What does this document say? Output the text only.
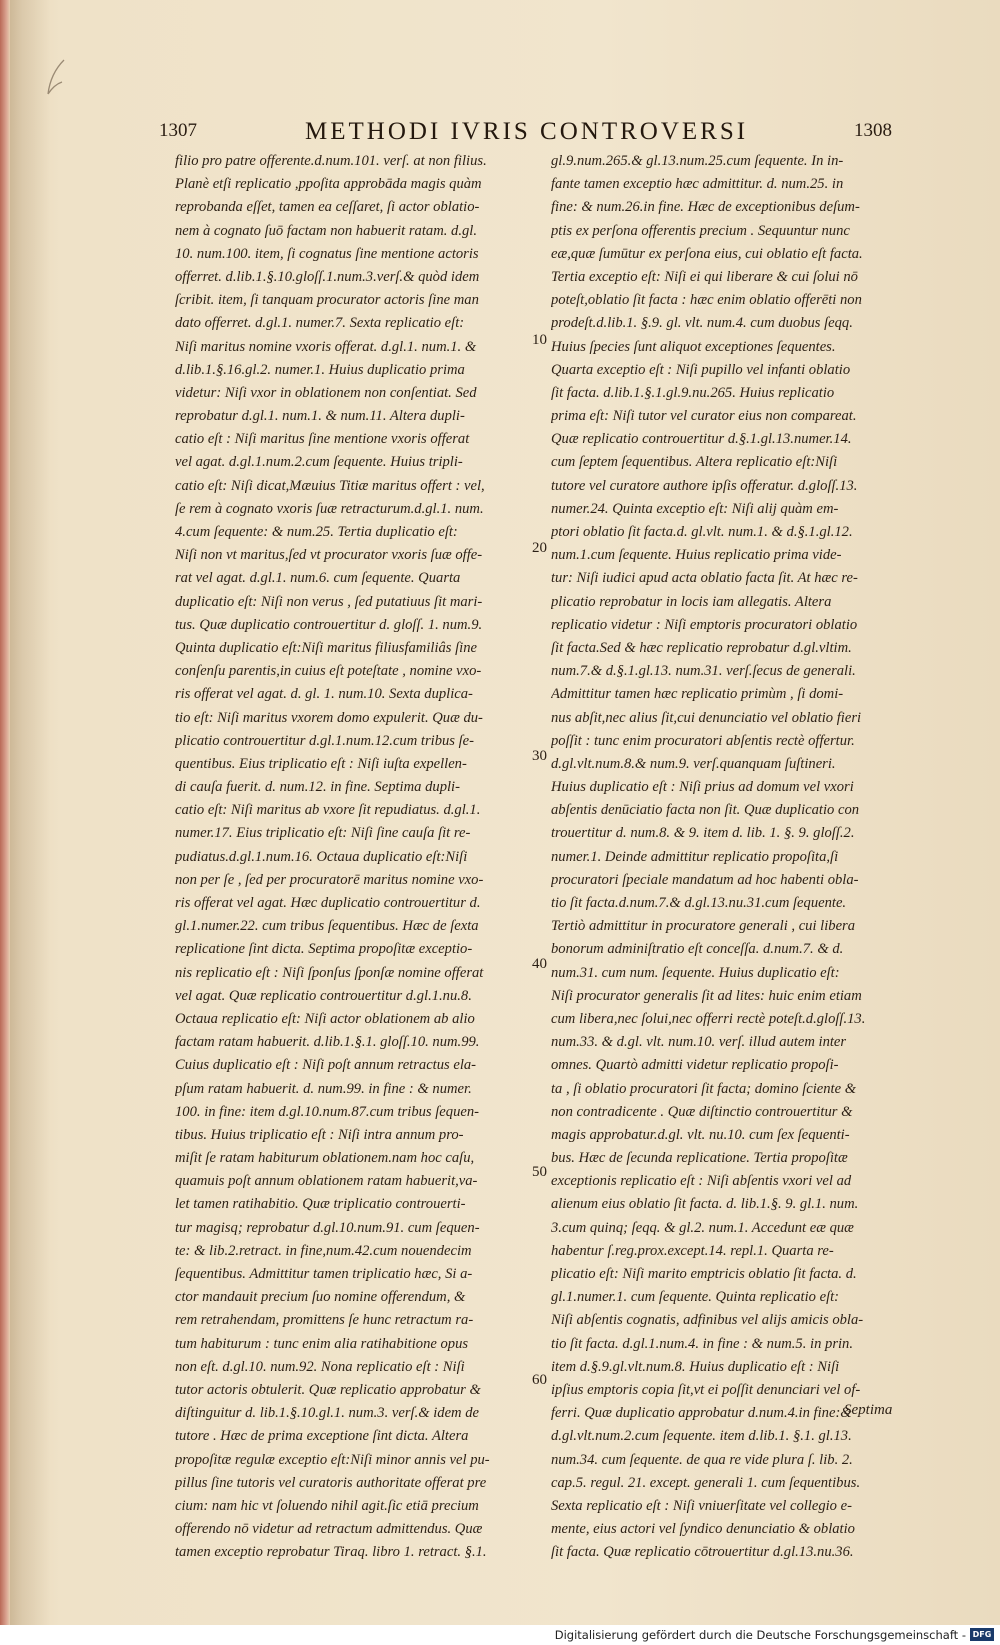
1307	METHODI IVRIS CONTROVERSI	1308
filio pro patre offerente.d.num.101. verſ. at non filius.
Planè etſi replicatio ,ppoſita approbāda magis quàm
reprobanda eſſet, tamen ea ceſſaret, ſi actor oblatio-
nem à cognato ſuō factam non habuerit ratam. d.gl.
10. num.100. item, ſi cognatus ſine mentione actoris
offerret. d.lib.1.§.10.gloſſ.1.num.3.verſ.& quòd idem
ſcribit. item, ſi tanquam procurator actoris ſine man
dato offerret. d.gl.1. numer.7. Sexta replicatio eſt:
Niſi maritus nomine vxoris offerat. d.gl.1. num.1. &
d.lib.1.§.16.gl.2. numer.1. Huius duplicatio prima
videtur: Niſi vxor in oblationem non conſentiat. Sed
reprobatur d.gl.1. num.1. & num.11. Altera dupli-
catio eſt : Niſi maritus ſine mentione vxoris offerat
vel agat. d.gl.1.num.2.cum ſequente. Huius tripli-
catio eſt: Niſi dicat,Mæuius Titiæ maritus offert : vel,
ſe rem à cognato vxoris ſuæ retracturum.d.gl.1. num.
4.cum ſequente: & num.25. Tertia duplicatio eſt:
Niſi non vt maritus,ſed vt procurator vxoris ſuæ offe-
rat vel agat. d.gl.1. num.6. cum ſequente. Quarta
duplicatio eſt: Niſi non verus , ſed putatiuus ſit mari-
tus. Quæ duplicatio controuertitur d. gloſſ. 1. num.9.
Quinta duplicatio eſt:Niſi maritus filiusfamiliâs ſine
conſenſu parentis,in cuius eſt poteſtate , nomine vxo-
ris offerat vel agat. d. gl. 1. num.10. Sexta duplica-
tio eſt: Niſi maritus vxorem domo expulerit. Quæ du-
plicatio controuertitur d.gl.1.num.12.cum tribus ſe-
quentibus. Eius triplicatio eſt : Niſi iuſta expellen-
di cauſa fuerit. d. num.12. in fine. Septima dupli-
catio eſt: Niſi maritus ab vxore ſit repudiatus. d.gl.1.
numer.17. Eius triplicatio eſt: Niſi ſine cauſa ſit re-
pudiatus.d.gl.1.num.16. Octaua duplicatio eſt:Niſi
non per ſe , ſed per procuratorē maritus nomine vxo-
ris offerat vel agat. Hæc duplicatio controuertitur d.
gl.1.numer.22. cum tribus ſequentibus. Hæc de ſexta
replicatione ſint dicta. Septima propoſitæ exceptio-
nis replicatio eſt : Niſi ſponſus ſponſæ nomine offerat
vel agat. Quæ replicatio controuertitur d.gl.1.nu.8.
Octaua replicatio eſt: Niſi actor oblationem ab alio
factam ratam habuerit. d.lib.1.§.1. gloſſ.10. num.99.
Cuius duplicatio eſt : Niſi poſt annum retractus ela-
pſum ratam habuerit. d. num.99. in fine : & numer.
100. in fine: item d.gl.10.num.87.cum tribus ſequen-
tibus. Huius triplicatio eſt : Niſi intra annum pro-
miſit ſe ratam habiturum oblationem.nam hoc caſu,
quamuis poſt annum oblationem ratam habuerit,va-
let tamen ratihabitio. Quæ triplicatio controuerti-
tur magisq; reprobatur d.gl.10.num.91. cum ſequen-
te: & lib.2.retract. in fine,num.42.cum nouendecim
ſequentibus. Admittitur tamen triplicatio hæc, Si a-
ctor mandauit precium ſuo nomine offerendum, &
rem retrahendam, promittens ſe hunc retractum ra-
tum habiturum : tunc enim alia ratihabitione opus
non eſt. d.gl.10. num.92. Nona replicatio eſt : Niſi
tutor actoris obtulerit. Quæ replicatio approbatur &
diſtinguitur d. lib.1.§.10.gl.1. num.3. verſ.& idem de
tutore . Hæc de prima exceptione ſint dicta. Altera
propoſitæ regulæ exceptio eſt:Niſi minor annis vel pu-
pillus ſine tutoris vel curatoris authoritate offerat pre
cium: nam hic vt ſoluendo nihil agit.ſic etiā precium
offerendo nō videtur ad retractum admittendus. Quæ
tamen exceptio reprobatur Tiraq. libro 1. retract. §.1.
gl.9.num.265.& gl.13.num.25.cum ſequente. In in-
fante tamen exceptio hæc admittitur. d. num.25. in
fine: & num.26.in fine. Hæc de exceptionibus deſum-
ptis ex perſona offerentis precium . Sequuntur nunc
eæ,quæ ſumūtur ex perſona eius, cui oblatio eſt facta.
Tertia exceptio eſt: Niſi ei qui liberare & cui ſolui nō
poteſt,oblatio ſit facta : hæc enim oblatio offerēti non
prodeſt.d.lib.1. §.9. gl. vlt. num.4. cum duobus ſeqq.
Huius ſpecies ſunt aliquot exceptiones ſequentes.
Quarta exceptio eſt : Niſi pupillo vel infanti oblatio
ſit facta. d.lib.1.§.1.gl.9.nu.265. Huius replicatio
prima eſt: Niſi tutor vel curator eius non compareat.
Quæ replicatio controuertitur d.§.1.gl.13.numer.14.
cum ſeptem ſequentibus. Altera replicatio eſt:Niſi
tutore vel curatore authore ipſis offeratur. d.gloſſ.13.
numer.24. Quinta exceptio eſt: Niſi alij quàm em-
ptori oblatio ſit facta.d. gl.vlt. num.1. & d.§.1.gl.12.
num.1.cum ſequente. Huius replicatio prima vide-
tur: Niſi iudici apud acta oblatio facta ſit. At hæc re-
plicatio reprobatur in locis iam allegatis. Altera
replicatio videtur : Niſi emptoris procuratori oblatio
ſit facta.Sed & hæc replicatio reprobatur d.gl.vltim.
num.7.& d.§.1.gl.13. num.31. verſ.ſecus de generali.
Admittitur tamen hæc replicatio primùm , ſi domi-
nus abſit,nec alius ſit,cui denunciatio vel oblatio fieri
poſſit : tunc enim procuratori abſentis rectè offertur.
d.gl.vlt.num.8.& num.9. verſ.quanquam ſuſtineri.
Huius duplicatio eſt : Niſi prius ad domum vel vxori
abſentis denūciatio facta non ſit. Quæ duplicatio con
trouertitur d. num.8. & 9. item d. lib. 1. §. 9. gloſſ.2.
numer.1. Deinde admittitur replicatio propoſita,ſi
procuratori ſpeciale mandatum ad hoc habenti obla-
tio ſit facta.d.num.7.& d.gl.13.nu.31.cum ſequente.
Tertiò admittitur in procuratore generali , cui libera
bonorum adminiſtratio eſt conceſſa. d.num.7. & d.
num.31. cum num. ſequente. Huius duplicatio eſt:
Niſi procurator generalis ſit ad lites: huic enim etiam
cum libera,nec ſolui,nec offerri rectè poteſt.d.gloſſ.13.
num.33. & d.gl. vlt. num.10. verſ. illud autem inter
omnes. Quartò admitti videtur replicatio propoſi-
ta , ſi oblatio procuratori ſit facta; domino ſciente &
non contradicente . Quæ diſtinctio controuertitur &
magis approbatur.d.gl. vlt. nu.10. cum ſex ſequenti-
bus. Hæc de ſecunda replicatione. Tertia propoſitæ
exceptionis replicatio eſt : Niſi abſentis vxori vel ad
alienum eius oblatio ſit facta. d. lib.1.§. 9. gl.1. num.
3.cum quinq; ſeqq. & gl.2. num.1. Accedunt eæ quæ
habentur ſ.reg.prox.except.14. repl.1. Quarta re-
plicatio eſt: Niſi marito emptricis oblatio ſit facta. d.
gl.1.numer.1. cum ſequente. Quinta replicatio eſt:
Niſi abſentis cognatis, adfinibus vel alijs amicis obla-
tio ſit facta. d.gl.1.num.4. in fine : & num.5. in prin.
item d.§.9.gl.vlt.num.8. Huius duplicatio eſt : Niſi
ipſius emptoris copia ſit,vt ei poſſit denunciari vel of-
ferri. Quæ duplicatio approbatur d.num.4.in fine:&
d.gl.vlt.num.2.cum ſequente. item d.lib.1. §.1. gl.13.
num.34. cum ſequente. de qua re vide plura ſ. lib. 2.
cap.5. regul. 21. except. generali 1. cum ſequentibus.
Sexta replicatio eſt : Niſi vniuerſitate vel collegio e-
mente, eius actori vel ſyndico denunciatio & oblatio
ſit facta. Quæ replicatio cōtrouertitur d.gl.13.nu.36.
10
20
30
40
50
60
Septima
Digitalisierung gefördert durch die Deutsche Forschungsgemeinschaft - DFG
